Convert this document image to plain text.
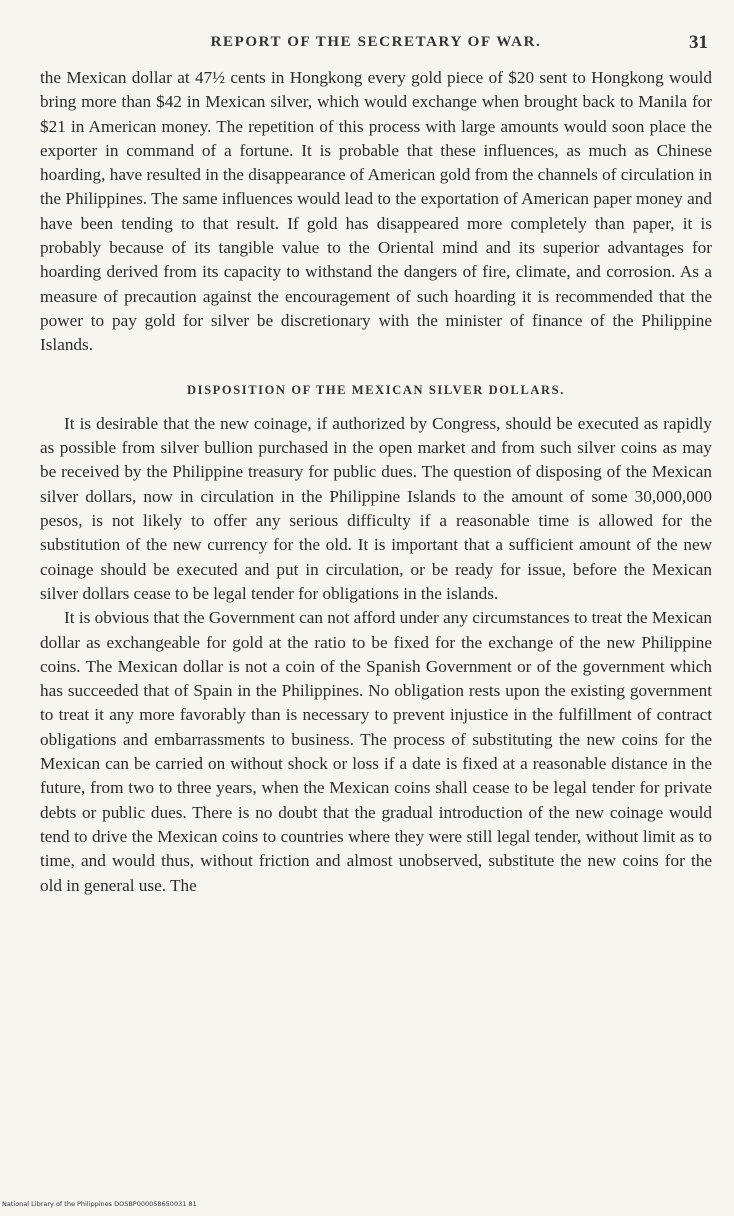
REPORT OF THE SECRETARY OF WAR.	31

the Mexican dollar at 47½ cents in Hongkong every gold piece of $20 sent to Hongkong would bring more than $42 in Mexican silver, which would exchange when brought back to Manila for $21 in American money. The repetition of this process with large amounts would soon place the exporter in command of a fortune. It is probable that these influences, as much as Chinese hoarding, have resulted in the disappearance of American gold from the channels of circulation in the Philippines. The same influences would lead to the exportation of American paper money and have been tending to that result. If gold has disappeared more completely than paper, it is probably because of its tangible value to the Oriental mind and its superior advantages for hoarding derived from its capacity to withstand the dangers of fire, climate, and corrosion. As a measure of precaution against the encouragement of such hoarding it is recommended that the power to pay gold for silver be discretionary with the minister of finance of the Philippine Islands.

DISPOSITION OF THE MEXICAN SILVER DOLLARS.

It is desirable that the new coinage, if authorized by Congress, should be executed as rapidly as possible from silver bullion purchased in the open market and from such silver coins as may be received by the Philippine treasury for public dues. The question of disposing of the Mexican silver dollars, now in circulation in the Philippine Islands to the amount of some 30,000,000 pesos, is not likely to offer any serious difficulty if a reasonable time is allowed for the substitution of the new currency for the old. It is important that a sufficient amount of the new coinage should be executed and put in circulation, or be ready for issue, before the Mexican silver dollars cease to be legal tender for obligations in the islands.

It is obvious that the Government can not afford under any circumstances to treat the Mexican dollar as exchangeable for gold at the ratio to be fixed for the exchange of the new Philippine coins. The Mexican dollar is not a coin of the Spanish Government or of the government which has succeeded that of Spain in the Philippines. No obligation rests upon the existing government to treat it any more favorably than is necessary to prevent injustice in the fulfillment of contract obligations and embarrassments to business. The process of substituting the new coins for the Mexican can be carried on without shock or loss if a date is fixed at a reasonable distance in the future, from two to three years, when the Mexican coins shall cease to be legal tender for private debts or public dues. There is no doubt that the gradual introduction of the new coinage would tend to drive the Mexican coins to countries where they were still legal tender, without limit as to time, and would thus, without friction and almost unobserved, substitute the new coins for the old in general use. The

National Library of the Philippines DOSBP000058650031 81
